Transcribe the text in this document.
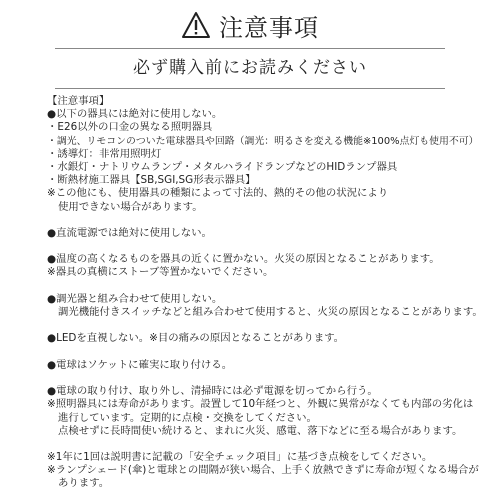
注意事項
必ず購入前にお読みください
【注意事項】
●以下の器具には絶対に使用しない。
・E26以外の口金の異なる照明器具
・調光、リモコンのついた電球器具や回路（調光：明るさを変える機能※100%点灯も使用不可）
・誘導灯：非常用照明灯
・水銀灯・ナトリウムランプ・メタルハライドランプなどのHIDランプ器具
・断熱材施工器具【SB,SGI,SG形表示器具】
※この他にも、使用器具の種類によって寸法的、熱的その他の状況により
使用できない場合があります。
●直流電源では絶対に使用しない。
●温度の高くなるものを器具の近くに置かない。火災の原因となることがあります。
※器具の真横にストーブ等置かないでください。
●調光器と組み合わせて使用しない。
調光機能付きスイッチなどと組み合わせて使用すると、火災の原因となることがあります。
●LEDを直視しない。※目の痛みの原因となることがあります。
●電球はソケットに確実に取り付ける。
●電球の取り付け、取り外し、清掃時には必ず電源を切ってから行う。
※照明器具には寿命があります。設置して10年経つと、外観に異常がなくても内部の劣化は
進行しています。定期的に点検・交換をしてください。
点検せずに長時間使い続けると、まれに火災、感電、落下などに至る場合があります。
※1年に1回は説明書に記載の「安全チェック項目」に基づき点検をしてください。
※ランプシェード(傘)と電球との間隔が狭い場合、上手く放熱できずに寿命が短くなる場合が
あります。
